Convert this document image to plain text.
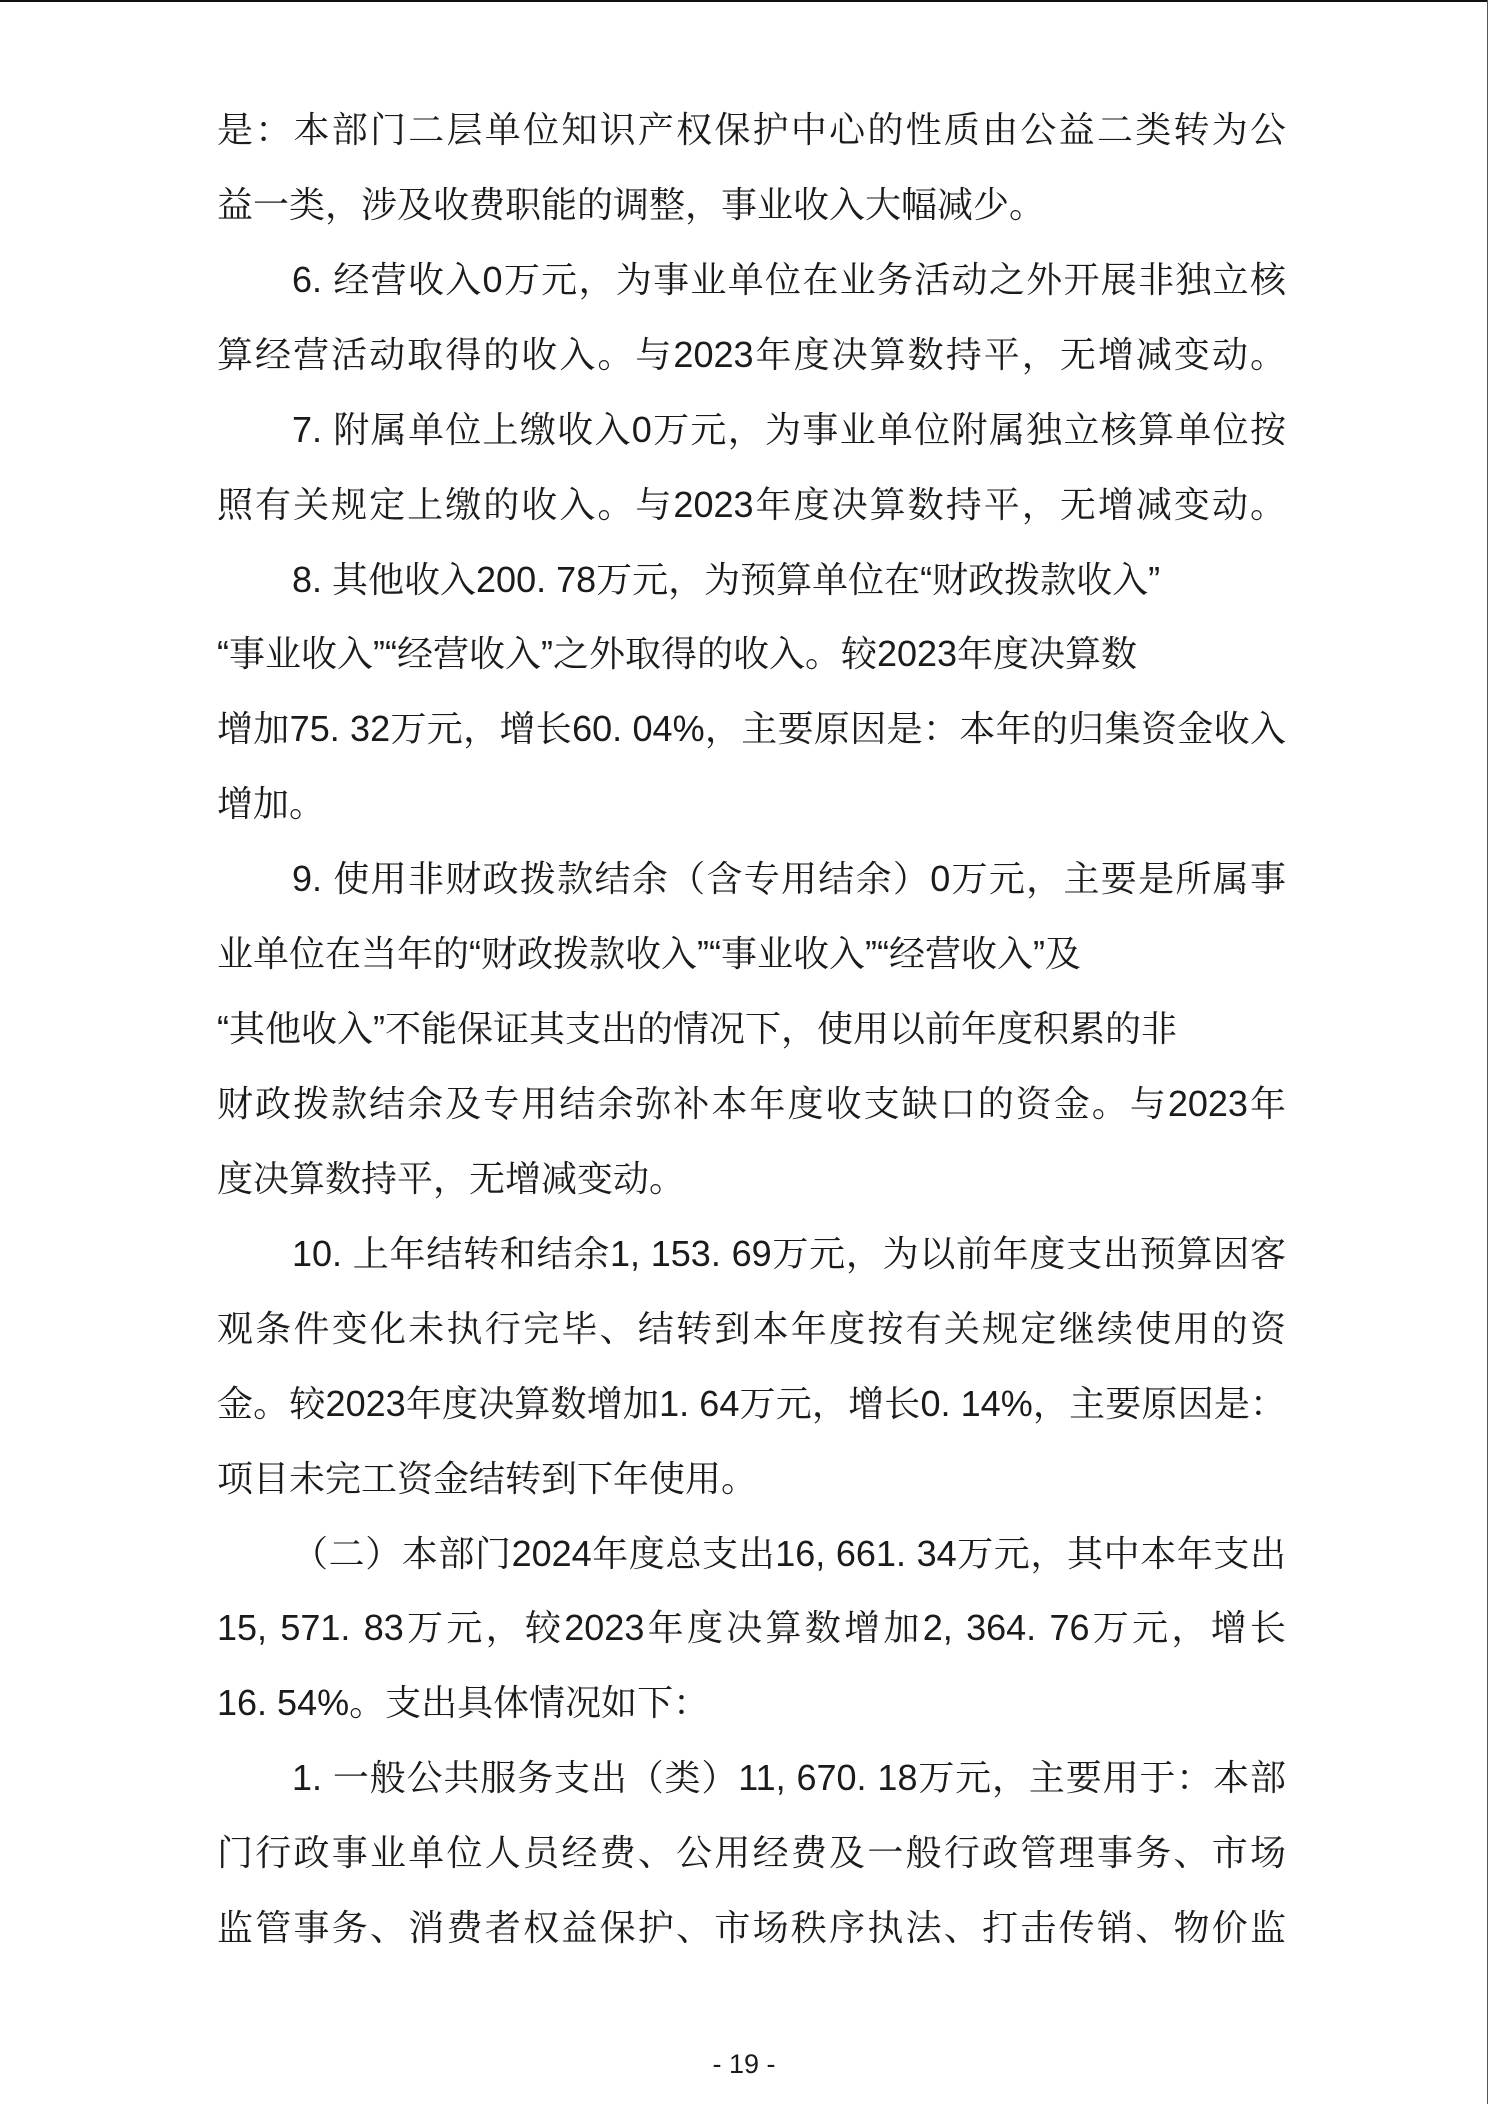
是：本部门二层单位知识产权保护中心的性质由公益二类转为公
益一类，涉及收费职能的调整，事业收入大幅减少。
6. 经营收入0万元，为事业单位在业务活动之外开展非独立核
算经营活动取得的收入。与2023年度决算数持平，无增减变动。
7. 附属单位上缴收入0万元，为事业单位附属独立核算单位按
照有关规定上缴的收入。与2023年度决算数持平，无增减变动。
8. 其他收入200. 78万元，为预算单位在“财政拨款收入”
“事业收入”“经营收入”之外取得的收入。较2023年度决算数
增加75. 32万元，增长60. 04%，主要原因是：本年的归集资金收入
增加。
9. 使用非财政拨款结余（含专用结余）0万元，主要是所属事
业单位在当年的“财政拨款收入”“事业收入”“经营收入”及
“其他收入”不能保证其支出的情况下，使用以前年度积累的非
财政拨款结余及专用结余弥补本年度收支缺口的资金。与2023年
度决算数持平，无增减变动。
10. 上年结转和结余1, 153. 69万元，为以前年度支出预算因客
观条件变化未执行完毕、结转到本年度按有关规定继续使用的资
金。较2023年度决算数增加1. 64万元，增长0. 14%，主要原因是：
项目未完工资金结转到下年使用。
（二）本部门2024年度总支出16, 661. 34万元，其中本年支出
15, 571. 83万元，较2023年度决算数增加2, 364. 76万元，增长
16. 54%。支出具体情况如下：
1. 一般公共服务支出（类）11, 670. 18万元，主要用于：本部
门行政事业单位人员经费、公用经费及一般行政管理事务、市场
监管事务、消费者权益保护、市场秩序执法、打击传销、物价监
- 19 -
